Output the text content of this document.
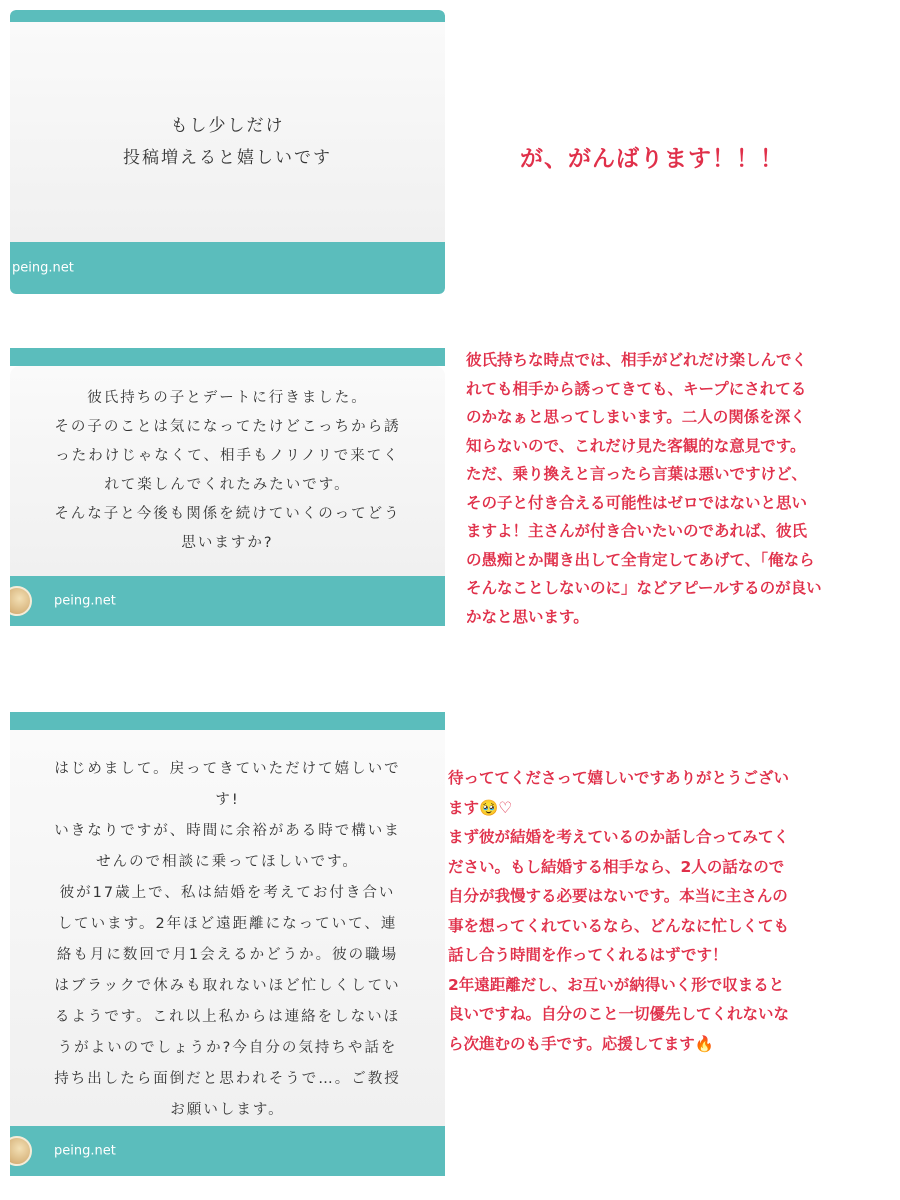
もし少しだけ
投稿増えると嬉しいです
peing.net
が、がんばります！！！
彼氏持ちの子とデートに行きました。
その子のことは気になってたけどこっちから誘
ったわけじゃなくて、相手もノリノリで来てく
れて楽しんでくれたみたいです。
そんな子と今後も関係を続けていくのってどう
思いますか?
peing.net
彼氏持ちな時点では、相手がどれだけ楽しんでく
れても相手から誘ってきても、キープにされてる
のかなぁと思ってしまいます。二人の関係を深く
知らないので、これだけ見た客観的な意見です。
ただ、乗り換えと言ったら言葉は悪いですけど、
その子と付き合える可能性はゼロではないと思い
ますよ！主さんが付き合いたいのであれば、彼氏
の愚痴とか聞き出して全肯定してあげて、「俺なら
そんなことしないのに」などアピールするのが良い
かなと思います。
はじめまして。戻ってきていただけて嬉しいで
す!
いきなりですが、時間に余裕がある時で構いま
せんので相談に乗ってほしいです。
彼が17歳上で、私は結婚を考えてお付き合い
しています。2年ほど遠距離になっていて、連
絡も月に数回で月1会えるかどうか。彼の職場
はブラックで休みも取れないほど忙しくしてい
るようです。これ以上私からは連絡をしないほ
うがよいのでしょうか?今自分の気持ちや話を
持ち出したら面倒だと思われそうで…。ご教授
お願いします。
peing.net
待っててくださって嬉しいですありがとうござい
ます🥹♡
まず彼が結婚を考えているのか話し合ってみてく
ださい。もし結婚する相手なら、2人の話なので
自分が我慢する必要はないです。本当に主さんの
事を想ってくれているなら、どんなに忙しくても
話し合う時間を作ってくれるはずです！
2年遠距離だし、お互いが納得いく形で収まると
良いですね。自分のこと一切優先してくれないな
ら次進むのも手です。応援してます🔥
